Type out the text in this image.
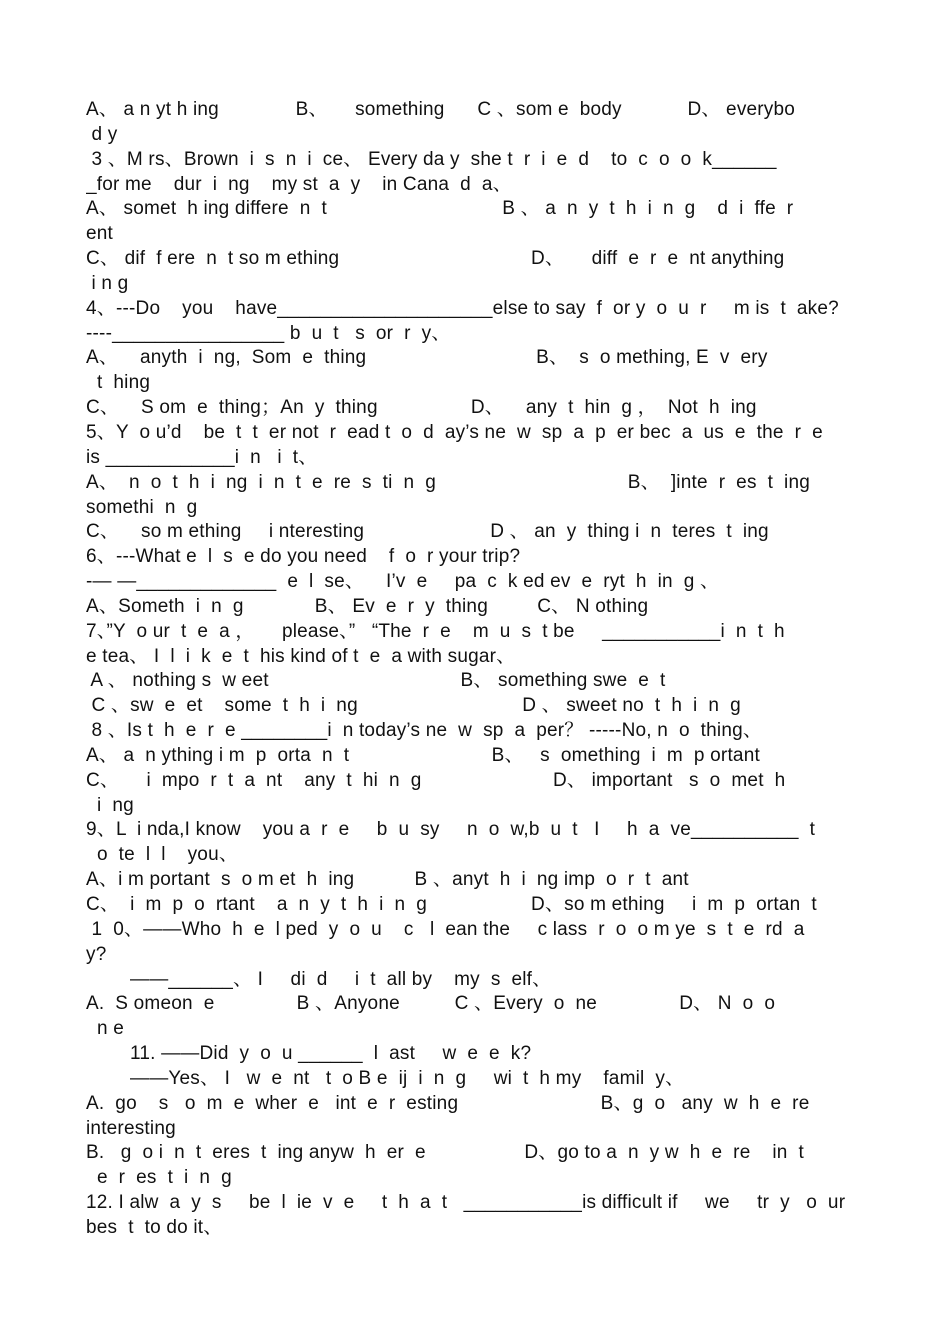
A、 a n yt h ing              B、     something      C 、som e  body            D、 everybo
d y
3 、M rs、Brown  i  s  n  i  ce、 Every da y  she t  r  i  e  d    to  c  o  o  k______
_for me    dur  i  ng    my st  a  y    in Cana  d  a、
A、 somet  h ing differe  n  t                                B 、 a  n  y  t  h  i  n  g    d  i  ffe  r
ent
C、 dif  f ere  n  t so m ething                                   D、     diff  e  r  e  nt anything
i n g
4、---Do    you    have____________________else to say  f  or y  o  u  r     m is  t  ake?
----________________ b  u  t   s  or  r  y、
A、    anyth  i  ng,  Som  e  thing                               B、  s  o mething, E  v  ery
t  hing
C、    S om  e  thing；An  y  thing                 D、    any  t  hin  g ，  Not  h  ing
5、Y  o u’d    be  t  t  er not  r  ead t  o  d  ay’s ne  w  sp  a  p  er bec  a  us  e  the  r  e
is ____________i  n   i  t、
A、  n  o  t  h  i  ng  i  n  t  e  re  s  ti  n  g                                   B、  ]inte  r  es  t  ing
somethi  n  g
C、    so m ething     i nteresting                       D 、 an  y  thing i  n  teres  t  ing
6、---What e  l  s  e do you need    f  o  r your trip?
-— —_____________  e  l  se、    I’v  e     pa  c  k ed ev  e  ryt  h  in  g 、
A、Someth  i  n  g             B、 Ev  e  r  y  thing         C、 N othing
7、”Y  o ur  t  e  a ，     please、”   “The  r  e    m  u  s  t be     ___________i  n  t  h
e tea、 I  l  i  k  e  t  his kind of t  e  a with sugar、
A 、 nothing s  w eet                                   B、 something swe  e  t
C 、sw  e  et    some  t  h  i  ng                              D 、 sweet no  t  h  i  n  g
8 、Is t  h  e  r  e ________i  n today’s ne  w  sp  a  per？ -----No, n  o  thing、
A、 a  n ything i m  p  orta  n  t                          B、   s  omething  i  m  p ortant
C、     i  mpo  r  t  a  nt    any  t  hi  n  g                        D、 important   s  o  met  h
i  ng
9、L  i nda,I know    you a  r  e     b  u  sy     n  o  w,b  u  t   I     h  a  ve__________  t
o  te  l  l    you、
A、i m portant  s  o m et  h  ing           B 、anyt  h  i  ng imp  o  r  t  ant
C、  i  m  p  o  rtant    a  n  y  t  h  i  n  g                   D、so m ething     i  m  p  ortan  t
1  0、——Who  h  e  l ped  y  o  u    c   l  ean the     c lass  r  o  o m ye  s  t  e  rd  a
y?
——______、 I     di  d     i  t  all by    my  s  elf、
A.  S omeon  e               B 、Anyone          C 、Every  o  ne               D、 N  o  o
n e
11. ——Did  y  o  u ______  l  ast     w  e  e  k?
——Yes、 I   w  e  nt   t  o B e  ij  i  n  g     wi  t  h my    famil  y、
A.  go    s   o  m  e  wher  e   int  e  r  esting                          B、g  o   any  w  h  e  re
interesting
B.   g  o i  n  t  eres  t  ing anyw  h  er  e                  D、go to a  n  y w  h  e  re    in  t
e  r  es  t  i  n  g
12. I alw  a  y  s     be  l  ie  v  e     t  h  a  t   ___________is difficult if     we     tr  y   o  ur
bes  t  to do it、
